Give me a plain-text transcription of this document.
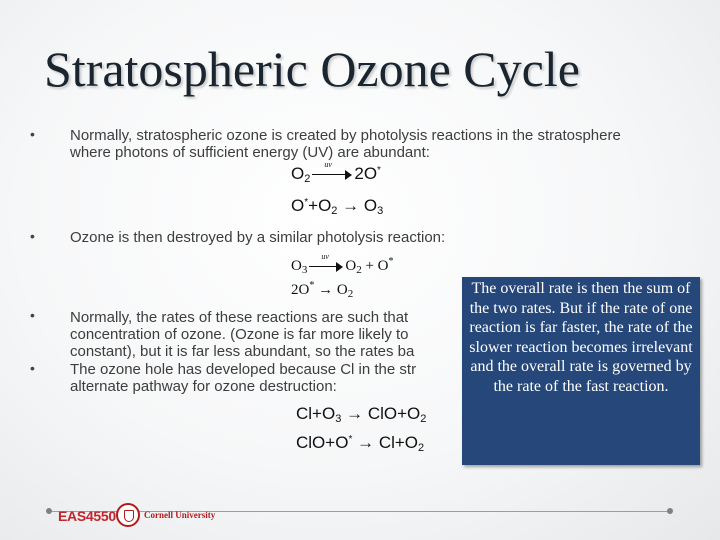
Stratospheric Ozone Cycle
• Normally, stratospheric ozone is created by photolysis reactions in the stratosphere where photons of sufficient energy (UV) are abundant:
$O_2$
uv 2O*
$O^*+O_2 \to O_3$
• Ozone is then destroyed by a similar photolysis reaction:
$O_3$
uv
$O_2 + O^*$
$2O^* \to O_2$
• Normally, the rates of these reactions are such that concentration of ozone. (Ozone is far more likely to constant), but it is far less abundant, so the rates ba
• The ozone hole has developed because Cl in the str alternate pathway for ozone destruction:
$Cl+O_3 \to ClO+O_2$
$ClO+O^* \to Cl+O_2$
The overall rate is then the sum of the two rates. But if the rate of one reaction is far faster, the rate of the slower reaction becomes irrelevant and the overall rate is governed by the rate of the fast reaction.
EAS4550	Cornell University
